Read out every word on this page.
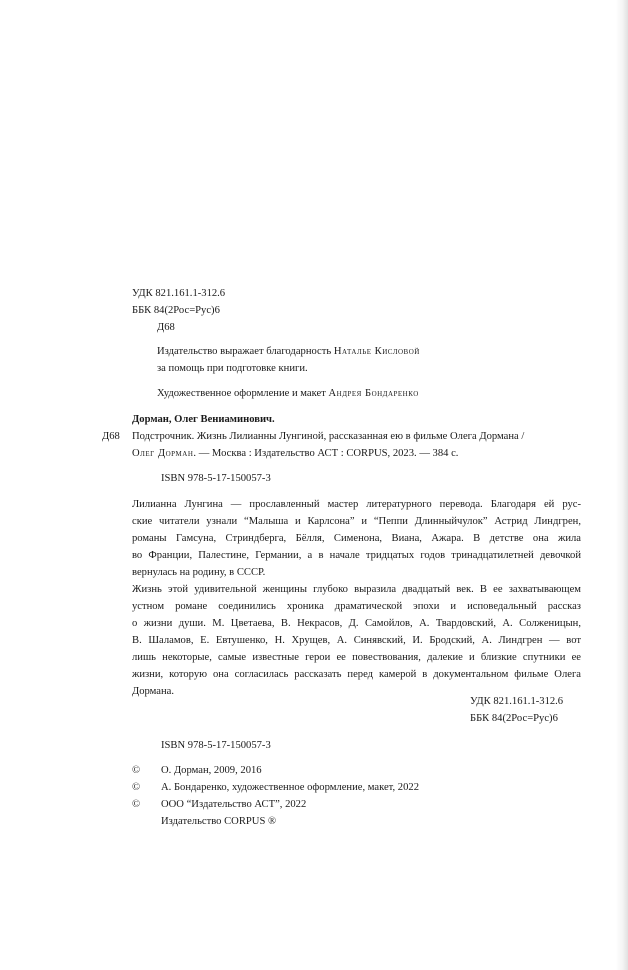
УДК 821.161.1-312.6
ББК 84(2Рос=Рус)6
Д68
Издательство выражает благодарность Наталье Кисловой
за помощь при подготовке книги.
Художественное оформление и макет Андрея Бондаренко
Дорман, Олег Вениаминович.
Д68 Подстрочник. Жизнь Лилианны Лунгиной, рассказанная ею в фильме Олега Дормана /
Олег Дорман. — Москва : Издательство АСТ : CORPUS, 2023. — 384 с.
ISBN 978-5-17-150057-3
Лилианна Лунгина — прославленный мастер литературного перевода. Благодаря ей рус-
ские читатели узнали “Малыша и Карлсона” и “Пеппи Длинныйчулок” Астрид Линдгрен,
романы Гамсуна, Стриндберга, Бёлля, Сименона, Виана, Ажара. В детстве она жила
во Франции, Палестине, Германии, а в начале тридцатых годов тринадцатилетней девочкой
вернулась на родину, в СССР.
Жизнь этой удивительной женщины глубоко выразила двадцатый век. В ее захватывающем
устном романе соединились хроника драматической эпохи и исповедальный рассказ
о жизни души. М. Цветаева, В. Некрасов, Д. Самойлов, А. Твардовский, А. Солженицын,
В. Шаламов, Е. Евтушенко, Н. Хрущев, А. Синявский, И. Бродский, А. Линдгрен — вот
лишь некоторые, самые известные герои ее повествования, далекие и близкие спутники ее
жизни, которую она согласилась рассказать перед камерой в документальном фильме Олега
Дормана.
УДК 821.161.1-312.6
ББК 84(2Рос=Рус)6
ISBN 978-5-17-150057-3
© О. Дорман, 2009, 2016
© А. Бондаренко, художественное оформление, макет, 2022
© ООО “Издательство АСТ”, 2022
Издательство CORPUS ®
